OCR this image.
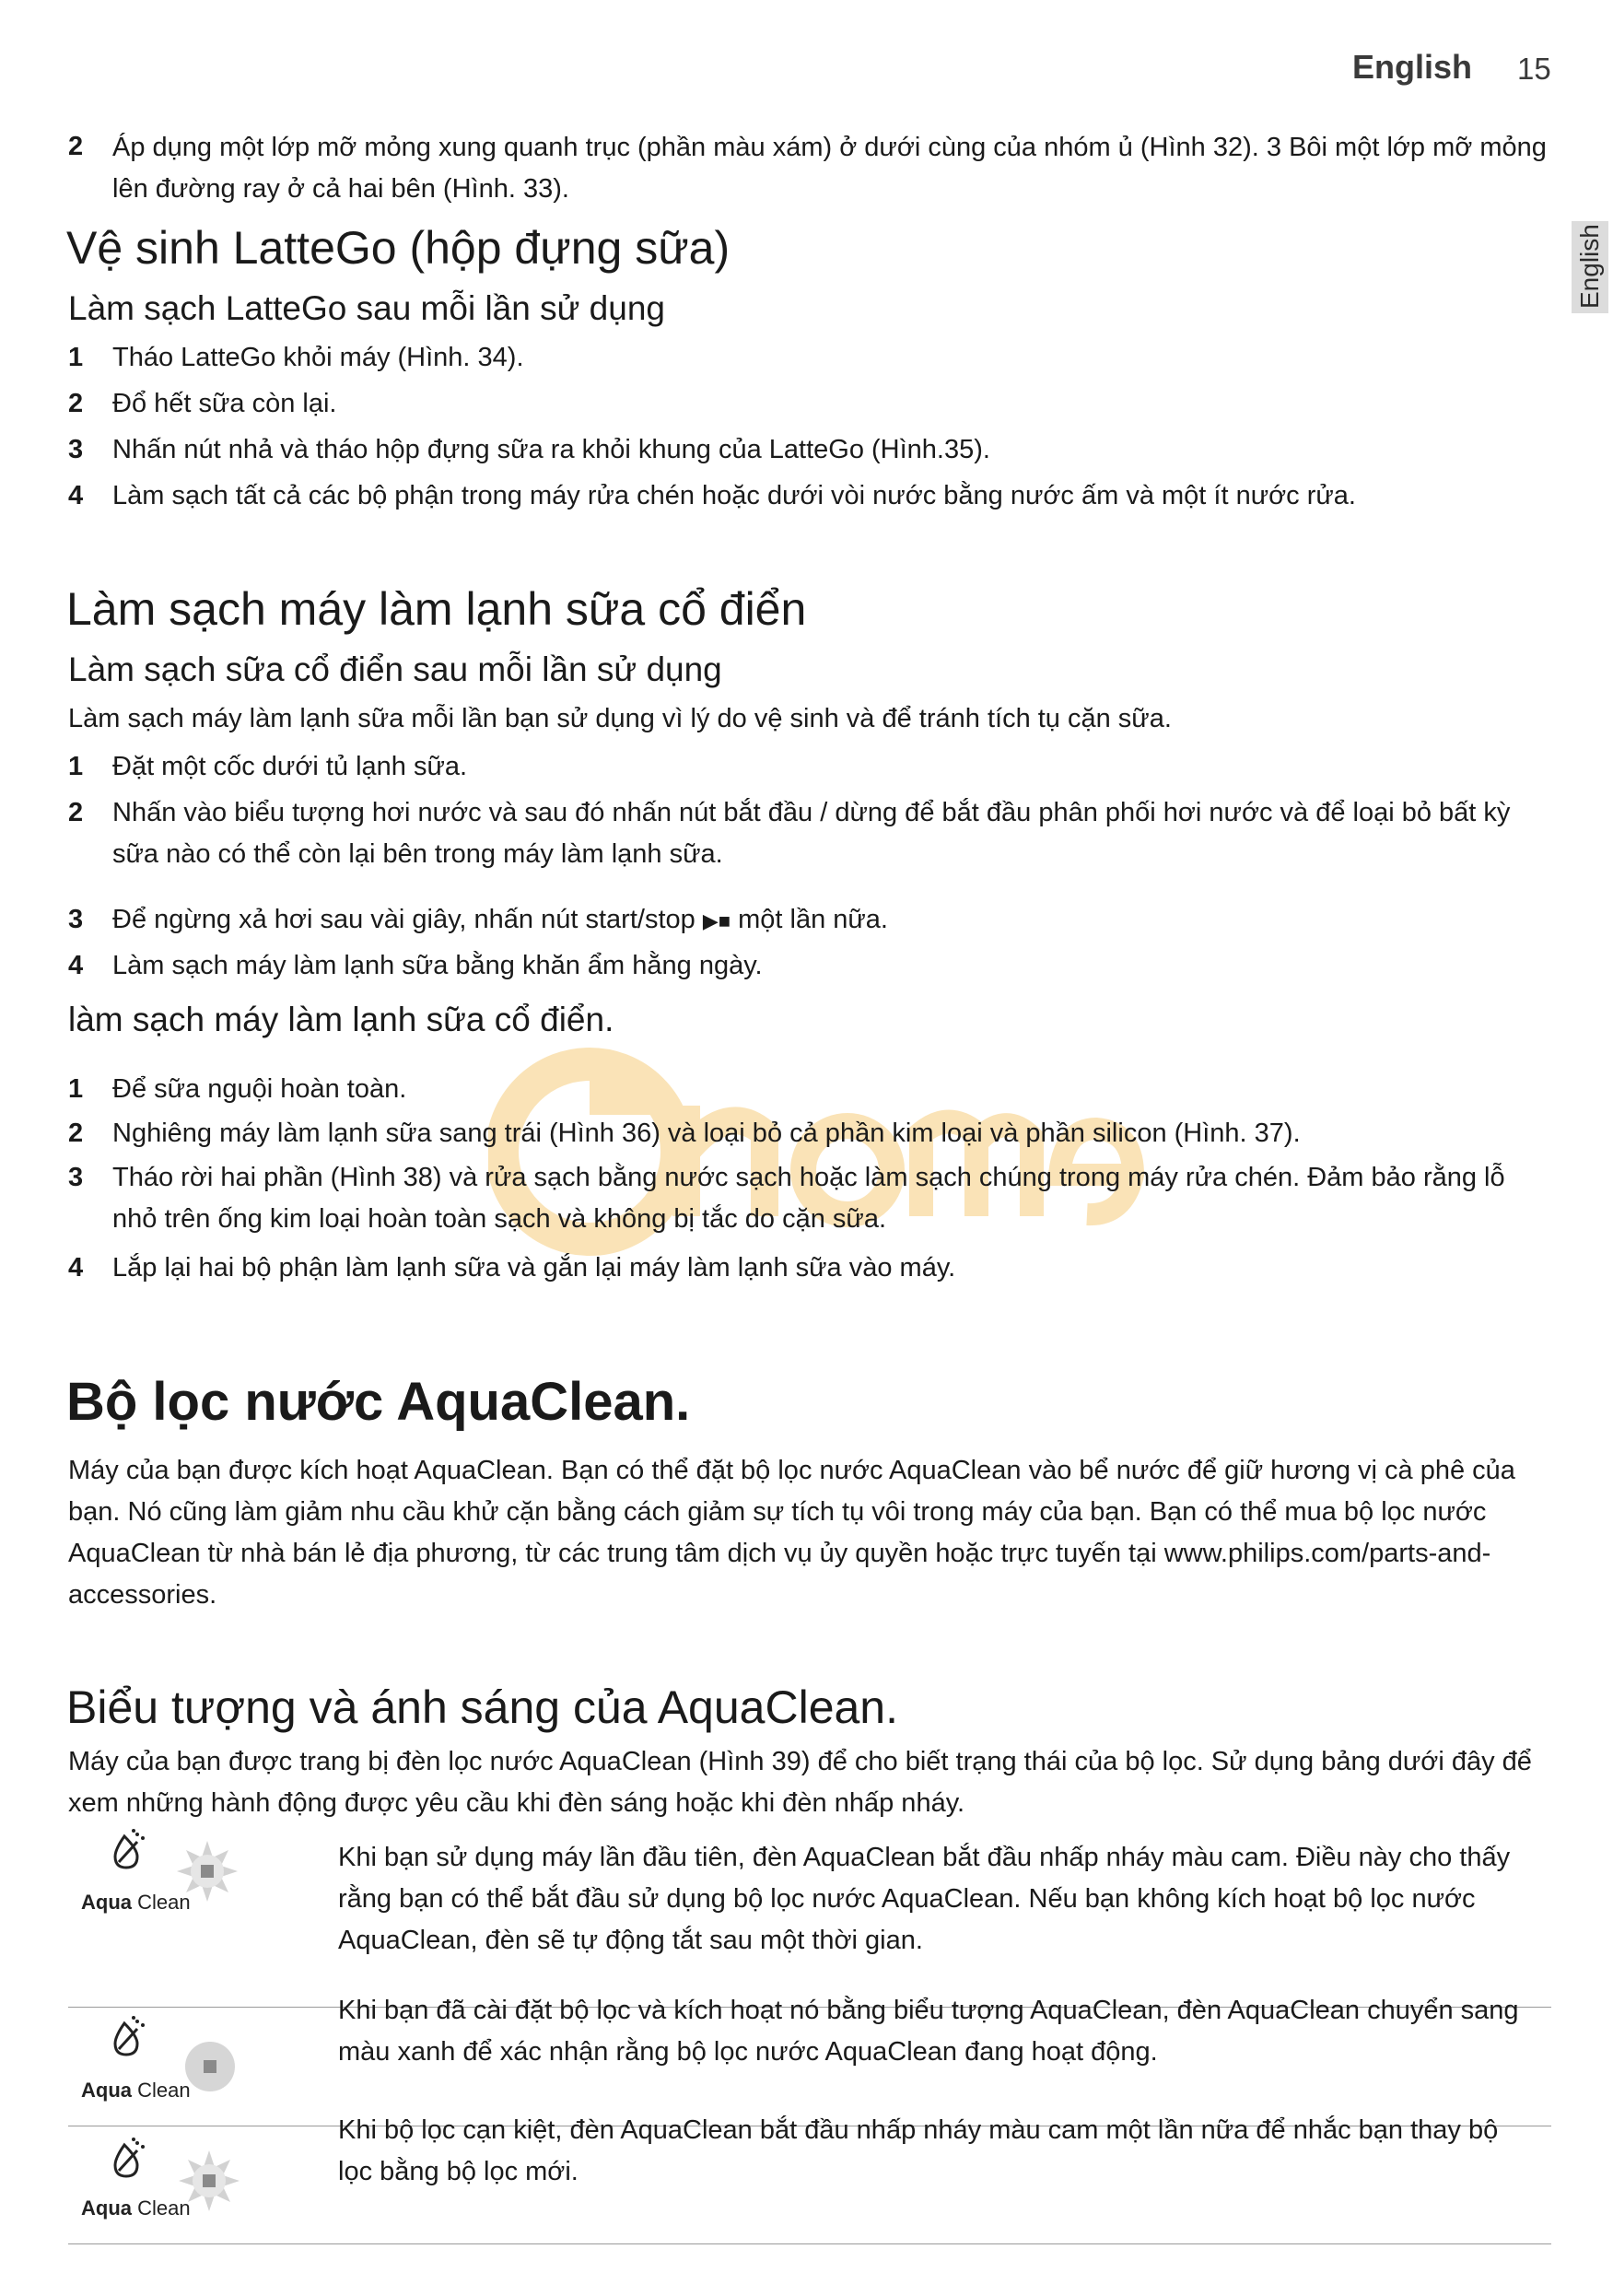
English 15
English
2 Áp dụng một lớp mỡ mỏng xung quanh trục (phần màu xám) ở dưới cùng của nhóm ủ (Hình 32). 3 Bôi một lớp mỡ mỏng lên đường ray ở cả hai bên (Hình. 33).
Vệ sinh LatteGo (hộp đựng sữa)
Làm sạch LatteGo sau mỗi lần sử dụng
1 Tháo LatteGo khỏi máy (Hình. 34).
2 Đổ hết sữa còn lại.
3 Nhấn nút nhả và tháo hộp đựng sữa ra khỏi khung của LatteGo (Hình.35).
4 Làm sạch tất cả các bộ phận trong máy rửa chén hoặc dưới vòi nước bằng nước ấm và một ít nước rửa.
Làm sạch máy làm lạnh sữa cổ điển
Làm sạch sữa cổ điển sau mỗi lần sử dụng
Làm sạch máy làm lạnh sữa mỗi lần bạn sử dụng vì lý do vệ sinh và để tránh tích tụ cặn sữa.
1 Đặt một cốc dưới tủ lạnh sữa.
2 Nhấn vào biểu tượng hơi nước và sau đó nhấn nút bắt đầu / dừng để bắt đầu phân phối hơi nước và để loại bỏ bất kỳ sữa nào có thể còn lại bên trong máy làm lạnh sữa.
3 Để ngừng xả hơi sau vài giây, nhấn nút start/stop ▶■ một lần nữa.
4 Làm sạch máy làm lạnh sữa bằng khăn ẩm hằng ngày.
làm sạch máy làm lạnh sữa cổ điển.
1 Để sữa nguội hoàn toàn.
2 Nghiêng máy làm lạnh sữa sang trái (Hình 36) và loại bỏ cả phần kim loại và phần silicon (Hình. 37).
3 Tháo rời hai phần (Hình 38) và rửa sạch bằng nước sạch hoặc làm sạch chúng trong máy rửa chén. Đảm bảo rằng lỗ nhỏ trên ống kim loại hoàn toàn sạch và không bị tắc do cặn sữa.
4 Lắp lại hai bộ phận làm lạnh sữa và gắn lại máy làm lạnh sữa vào máy.
Bộ lọc nước AquaClean.
Máy của bạn được kích hoạt AquaClean. Bạn có thể đặt bộ lọc nước AquaClean vào bể nước để giữ hương vị cà phê của bạn. Nó cũng làm giảm nhu cầu khử cặn bằng cách giảm sự tích tụ vôi trong máy của bạn. Bạn có thể mua bộ lọc nước AquaClean từ nhà bán lẻ địa phương, từ các trung tâm dịch vụ ủy quyền hoặc trực tuyến tại www.philips.com/parts-and-accessories.
Biểu tượng và ánh sáng của AquaClean.
Máy của bạn được trang bị đèn lọc nước AquaClean (Hình 39) để cho biết trạng thái của bộ lọc. Sử dụng bảng dưới đây để xem những hành động được yêu cầu khi đèn sáng hoặc khi đèn nhấp nháy.
Aqua Clean
Khi bạn sử dụng máy lần đầu tiên, đèn AquaClean bắt đầu nhấp nháy màu cam. Điều này cho thấy rằng bạn có thể bắt đầu sử dụng bộ lọc nước AquaClean. Nếu bạn không kích hoạt bộ lọc nước AquaClean, đèn sẽ tự động tắt sau một thời gian.
Aqua Clean
Khi bạn đã cài đặt bộ lọc và kích hoạt nó bằng biểu tượng AquaClean, đèn AquaClean chuyển sang màu xanh để xác nhận rằng bộ lọc nước AquaClean đang hoạt động.
Aqua Clean
Khi bộ lọc cạn kiệt, đèn AquaClean bắt đầu nhấp nháy màu cam một lần nữa để nhắc bạn thay bộ lọc bằng bộ lọc mới.
